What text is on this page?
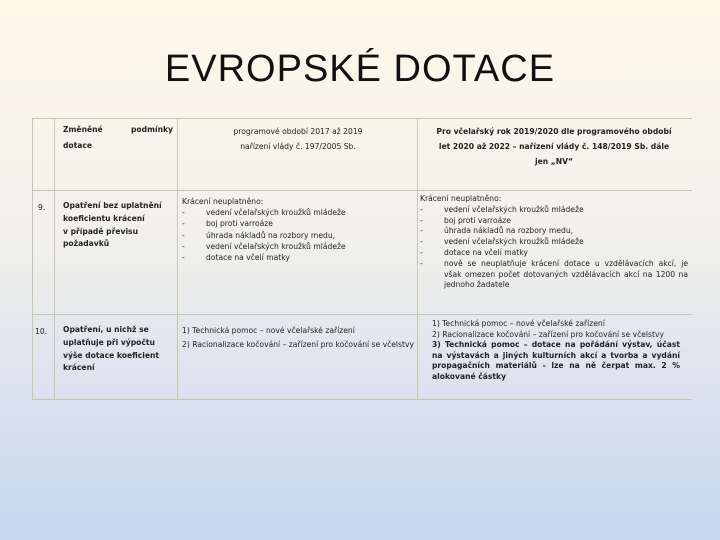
EVROPSKÉ DOTACE
Změněné	podmínky
dotace
programové období 2017 až 2019
nařízení vlády č. 197/2005 Sb.
Pro včelařský rok 2019/2020 dle programového období
let 2020 až 2022 – nařízení vlády č. 148/2019 Sb. dále
jen „NV“
9. Opatření bez uplatnění
koeficientu krácení
v případě převisu
požadavků
Krácení neuplatněno:
- vedení včelařských kroužků mládeže
- boj proti varroáze
- úhrada nákladů na rozbory medu,
- vedení včelařských kroužků mládeže
- dotace na včelí matky
Krácení neuplatněno:
- vedení včelařských kroužků mládeže
- boj proti varroáze
- úhrada nákladů na rozbory medu,
- vedení včelařských kroužků mládeže
- dotace na včelí matky
- nově se neuplatňuje krácení dotace u vzdělávacích akcí, je však omezen počet dotovaných vzdělávacích akcí na 1200 na jednoho žadatele
10. Opatření, u nichž se
uplatňuje při výpočtu
výše dotace koeficient
krácení
1) Technická pomoc – nové včelařské zařízení
2) Racionalizace kočování – zařízení pro kočování se včelstvy
1) Technická pomoc – nové včelařské zařízení
2) Racionalizace kočování – zařízení pro kočování se včelstvy
3) Technická pomoc – dotace na pořádání výstav, účast na výstavách a jiných kulturních akcí a tvorba a vydání propagačních materiálů - lze na ně čerpat max. 2 % alokované částky
